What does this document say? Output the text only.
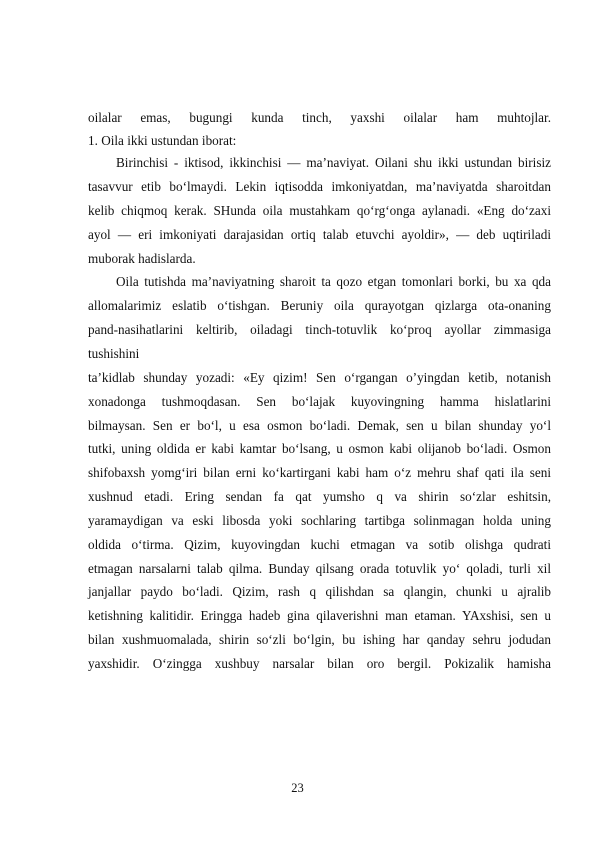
oilalar emas, bugungi kunda tinch, yaxshi oilalar ham muhtojlar.
1. Oila ikki ustundan iborat:
Birinchisi - iktisod, ikkinchisi — ma’naviyat. Oilani shu ikki ustundan birisiz
tasavvur etib bo‘lmaydi. Lekin iqtisodda imkoniyatdan, ma’naviyatda sharoitdan
kelib chiqmoq kerak. SHunda oila mustahkam qo‘rg‘onga aylanadi. «Eng do‘zaxi
ayol — eri imkoniyati darajasidan ortiq talab etuvchi ayoldir», — deb uqtiriladi
muborak hadislarda.
Oila tutishda ma’naviyatning sharoit ta qozo etgan tomonlari borki, bu xa qda
allomalarimiz eslatib o‘tishgan. Beruniy oila qurayotgan qizlarga ota-onaning
pand-nasihatlarini keltirib, oiladagi tinch-totuvlik ko‘proq ayollar zimmasiga
tushishini
ta’kidlab shunday yozadi: «Ey qizim! Sen o‘rgangan o’yingdan ketib, notanish
xonadonga tushmoqdasan. Sen bo‘lajak kuyovingning hamma hislatlarini
bilmaysan. Sen er bo‘l, u esa osmon bo‘ladi. Demak, sen u bilan shunday yo‘l
tutki, uning oldida er kabi kamtar bo‘lsang, u osmon kabi olijanob bo‘ladi. Osmon
shifobaxsh yomg‘iri bilan erni ko‘kartirgani kabi ham o‘z mehru shaf qati ila seni
xushnud etadi. Ering sendan fa qat yumsho q va shirin so‘zlar eshitsin,
yaramaydigan va eski libosda yoki sochlaring tartibga solinmagan holda uning
oldida o‘tirma. Qizim, kuyovingdan kuchi etmagan va sotib olishga qudrati
etmagan narsalarni talab qilma. Bunday qilsang orada totuvlik yo‘ qoladi, turli xil
janjallar paydo bo‘ladi. Qizim, rash q qilishdan sa qlangin, chunki u ajralib
ketishning kalitidir. Eringga hadeb gina qilaverishni man etaman. YAxshisi, sen u
bilan xushmuomalada, shirin so‘zli bo‘lgin, bu ishing har qanday sehru jodudan
yaxshidir. O‘zingga xushbuy narsalar bilan oro bergil. Pokizalik hamisha
23
